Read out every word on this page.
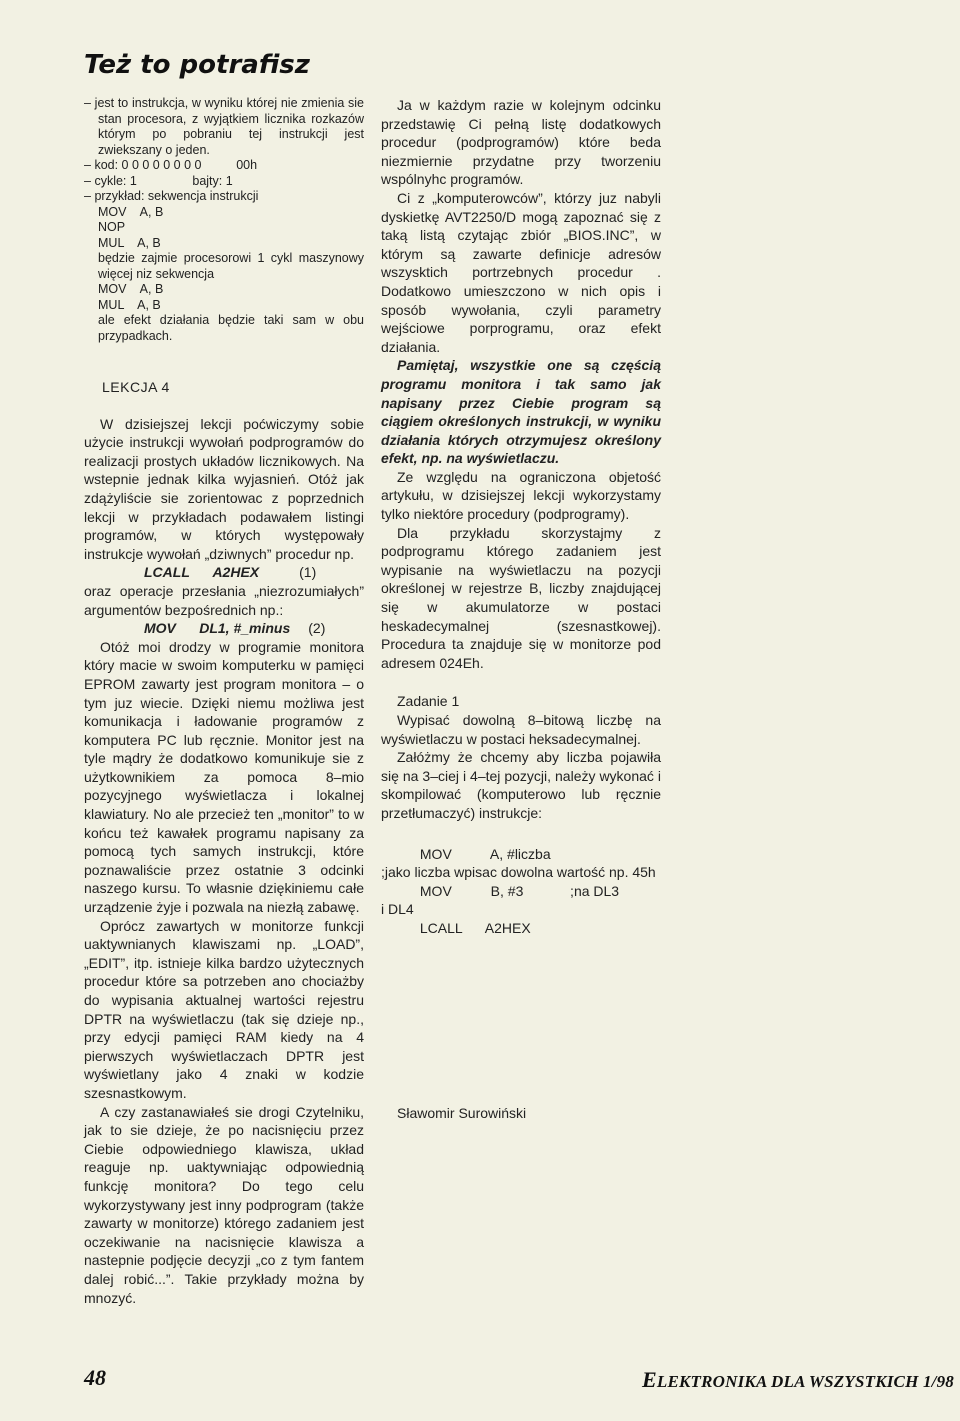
Też to potrafisz

– jest to instrukcja, w wyniku której nie zmienia sie stan procesora, z wyjątkiem licznika rozkazów którym po pobraniu tej instrukcji jest zwiekszany o jeden.

– kod: 0 0 0 0 0 0 0 0          00h

– cykle: 1                bajty: 1

– przykład: sekwencja instrukcji

MOV    A, B

NOP

MUL    A, B

będzie zajmie procesorowi 1 cykl maszynowy więcej niz sekwencja

MOV    A, B

MUL    A, B

ale efekt działania będzie taki sam w obu przypadkach.

LEKCJA 4

W dzisiejszej lekcji poćwiczymy sobie użycie instrukcji wywołań podprogramów do realizacji prostych układów licznikowych. Na wstepnie jednak kilka wyjasnień. Otóż jak zdążyliście sie zorientowac z poprzednich lekcji w przykładach podawałem listingi programów, w których występowały instrukcje wywołań „dziwnych” procedur np.

LCALL      A2HEX	(1)

oraz operacje przesłania „niezrozumiałych” argumentów bezpośrednich np.:

MOV      DL1, #_minus (2)

Otóż moi drodzy w programie monitora który macie w swoim komputerku w pamięci EPROM zawarty jest program monitora – o tym juz wiecie. Dzięki niemu możliwa jest komunikacja i ładowanie programów z komputera PC lub ręcznie. Monitor jest na tyle mądry że dodatkowo komunikuje sie z użytkownikiem za pomoca 8–mio pozycyjnego wyświetlacza i lokalnej klawiatury. No ale przecież ten „monitor” to w końcu też kawałek programu napisany za pomocą tych samych instrukcji, które poznawaliście przez ostatnie 3 odcinki naszego kursu. To własnie dziękiniemu całe urządzenie żyje i pozwala na niezłą zabawę.

Oprócz zawartych w monitorze funkcji uaktywnianych klawiszami np. „LOAD”, „EDIT”, itp. istnieje kilka bardzo użytecznych procedur które sa potrzeben ano chociażby do wypisania aktualnej wartości rejestru DPTR na wyświetlaczu (tak się dzieje np., przy edycji pamięci RAM kiedy na 4 pierwszych wyświetlaczach DPTR jest wyświetlany jako 4 znaki w kodzie szesnastkowym.

A czy zastanawiałeś sie drogi Czytelniku, jak to sie dzieje, że po nacisnięciu przez Ciebie odpowiedniego klawisza, układ reaguje np. uaktywniając odpowiednią funkcję monitora? Do tego celu wykorzystywany jest inny podprogram (także zawarty w monitorze) którego zadaniem jest oczekiwanie na nacisnięcie klawisza a nastepnie podjęcie decyzji „co z tym fantem dalej robić...”. Takie przykłady można by mnozyć.

Ja w każdym razie w kolejnym odcinku przedstawię Ci pełną listę dodatkowych procedur (podprogramów) które beda niezmiernie przydatne przy tworzeniu wspólnyhc programów.

Ci z „komputerowców”, którzy juz nabyli dyskietkę AVT2250/D mogą zapoznać się z taką listą czytając zbiór „BIOS.INC”, w którym są zawarte definicje adresów wszysktich portrzebnych procedur . Dodatkowo umieszczono w nich opis i sposób wywołania, czyli parametry wejściowe porprogramu, oraz efekt działania.

Pamiętaj, wszystkie one są częścią programu monitora i tak samo jak napisany przez Ciebie program są ciągiem określonych instrukcji, w wyniku działania których otrzymujesz określony efekt, np. na wyświetlaczu.

Ze względu na ograniczona objetość artykułu, w dzisiejszej lekcji wykorzystamy tylko niektóre procedury (podprogramy).

Dla przykładu skorzystajmy z podprogramu którego zadaniem jest wypisanie na wyświetlaczu na pozycji określonej w rejestrze B, liczby znajdującej się w akumulatorze w postaci heskadecymalnej (szesnastkowej). Procedura ta znajduje się w monitorze pod adresem 024Eh.

Zadanie 1

Wypisać dowolną 8–bitową liczbę na wyświetlaczu w postaci heksadecymalnej.

Załóżmy że chcemy aby liczba pojawiła się na 3–ciej i 4–tej pozycji, należy wykonać i skompilować (komputerowo lub ręcznie przetłumaczyć) instrukcje:

MOV          A, #liczba

;jako liczba wpisac dowolna wartość np. 45h

MOV          B, #3            ;na DL3

i DL4

LCALL      A2HEX

Sławomir Surowiński

48	ELEKTRONIKA DLA WSZYSTKICH 1/98
